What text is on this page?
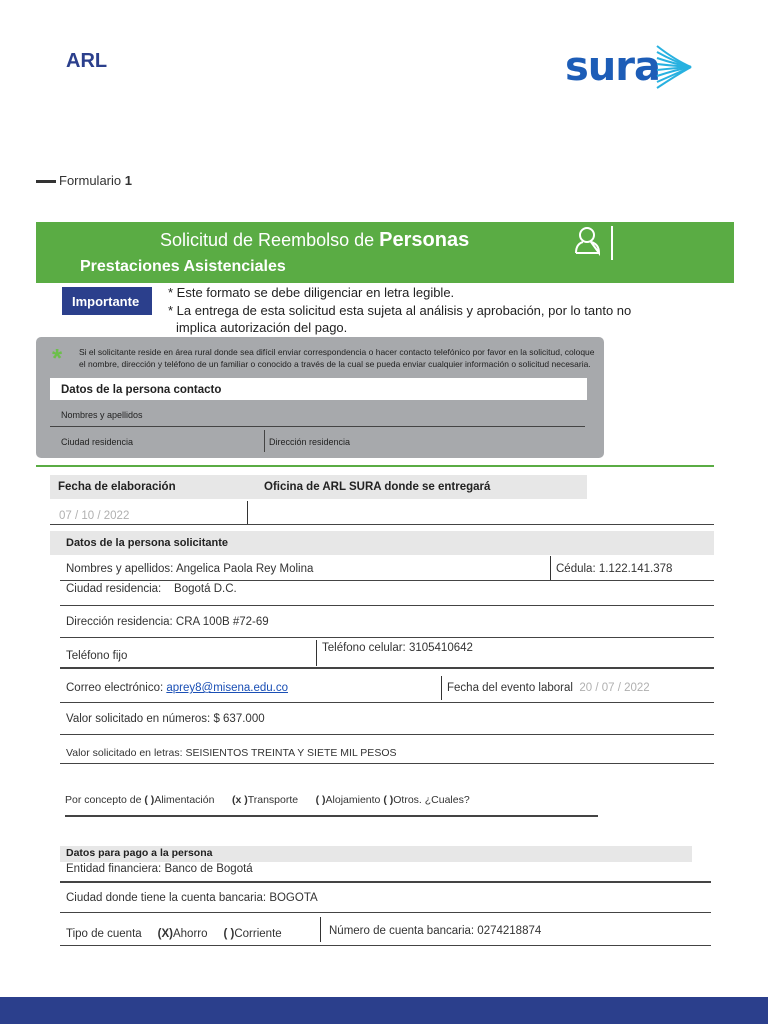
ARL	sura
Formulario 1
Solicitud de Reembolso de Personas
Prestaciones Asistenciales
Importante
* Este formato se debe diligenciar en letra legible.
* La entrega de esta solicitud esta sujeta al análisis y aprobación, por lo tanto no
implica autorización del pago.
* Si el solicitante reside en área rural donde sea difícil enviar correspondencia o hacer contacto telefónico por favor en la solicitud, coloque
el nombre, dirección y teléfono de un familiar o conocido a través de la cual se pueda enviar cualquier información o solicitud necesaria.
Datos de la persona contacto
Nombres y apellidos
Ciudad residencia	Dirección residencia
Fecha de elaboración	Oficina de ARL SURA donde se entregará
07 / 10 / 2022
Datos de la persona solicitante
Nombres y apellidos: Angelica Paola Rey Molina	Cédula: 1.122.141.378
Ciudad residencia: Bogotá D.C.
Dirección residencia: CRA 100B #72-69
Teléfono fijo
Teléfono celular: 3105410642
Correo electrónico: aprey8@misena.edu.co	Fecha del evento laboral 20 / 07 / 2022
Valor solicitado en números: $ 637.000
Valor solicitado en letras: SEISIENTOS TREINTA Y SIETE MIL PESOS
Por concepto de ( )Alimentación (x )Transporte ( )Alojamiento ( )Otros. ¿Cuales?
Datos para pago a la persona
Entidad financiera: Banco de Bogotá
Ciudad donde tiene la cuenta bancaria: BOGOTA
Tipo de cuenta (X)Ahorro ( )Corriente	Número de cuenta bancaria: 0274218874
